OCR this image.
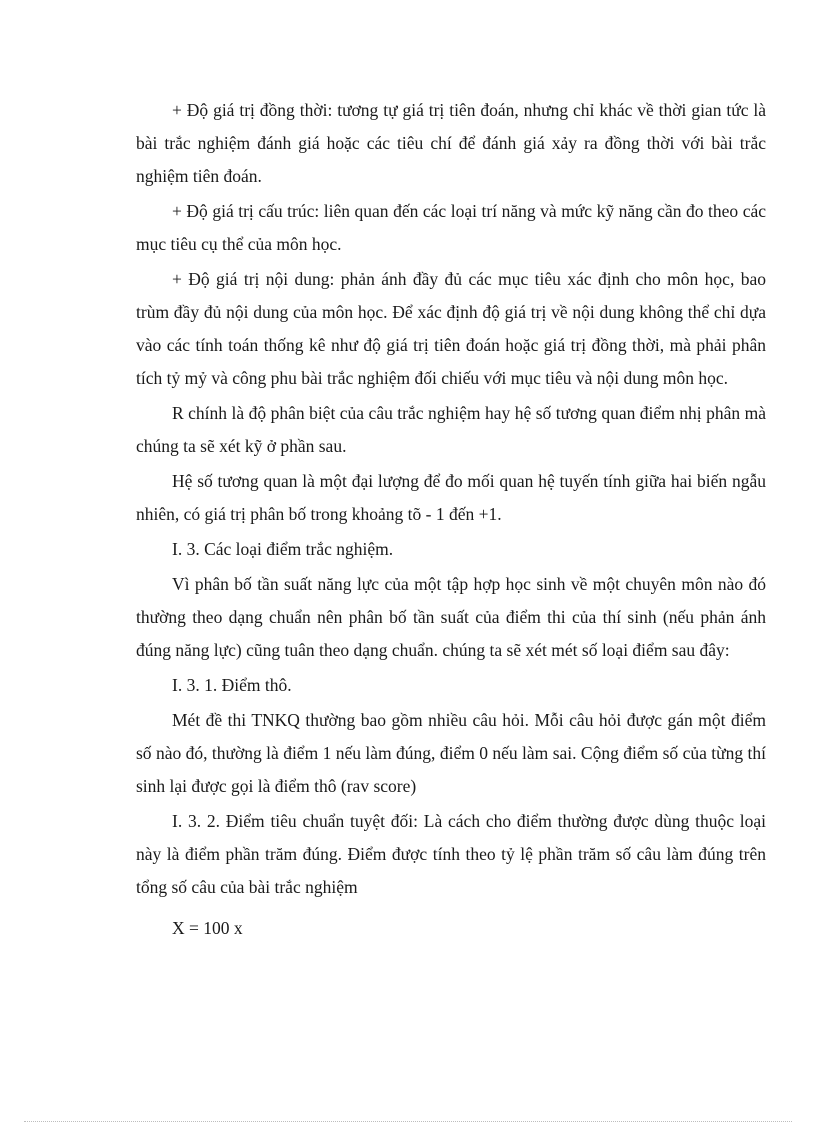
+ Độ giá trị đồng thời: tương tự giá trị tiên đoán, nhưng chỉ khác về thời gian tức là bài trắc nghiệm đánh giá hoặc các tiêu chí để đánh giá xảy ra đồng thời với bài trắc nghiệm tiên đoán.

+ Độ giá trị cấu trúc: liên quan đến các loại trí năng và mức kỹ năng cần đo theo các mục tiêu cụ thể của môn học.

+ Độ giá trị nội dung: phản ánh đầy đủ các mục tiêu xác định cho môn học, bao trùm đầy đủ nội dung của môn học. Để xác định độ giá trị về nội dung không thể chỉ dựa vào các tính toán thống kê như độ giá trị tiên đoán hoặc giá trị đồng thời, mà phải phân tích tỷ mỷ và công phu bài trắc nghiệm đối chiếu với mục tiêu và nội dung môn học.

R chính là độ phân biệt của câu trắc nghiệm hay hệ số tương quan điểm nhị phân mà chúng ta sẽ xét kỹ ở phần sau.

Hệ số tương quan là một đại lượng để đo mối quan hệ tuyến tính giữa hai biến ngẫu nhiên, có giá trị phân bố trong khoảng tõ - 1 đến +1.

I. 3. Các loại điểm trắc nghiệm.

Vì phân bố tần suất năng lực của một tập hợp học sinh về một chuyên môn nào đó thường theo dạng chuẩn nên phân bố tần suất của điểm thi của thí sinh (nếu phản ánh đúng năng lực) cũng tuân theo dạng chuẩn. chúng ta sẽ xét mét số loại điểm sau đây:

I. 3. 1. Điểm thô.

Mét đề thi TNKQ thường bao gồm nhiều câu hỏi. Mỗi câu hỏi được gán một điểm số nào đó, thường là điểm 1 nếu làm đúng, điểm 0 nếu làm sai. Cộng điểm số của từng thí sinh lại được gọi là điểm thô (rav score)

I. 3. 2. Điểm tiêu chuẩn tuyệt đối: Là cách cho điểm thường được dùng thuộc loại này là điểm phần trăm đúng. Điểm được tính theo tỷ lệ phần trăm số câu làm đúng trên tổng số câu của bài trắc nghiệm

X = 100 x
